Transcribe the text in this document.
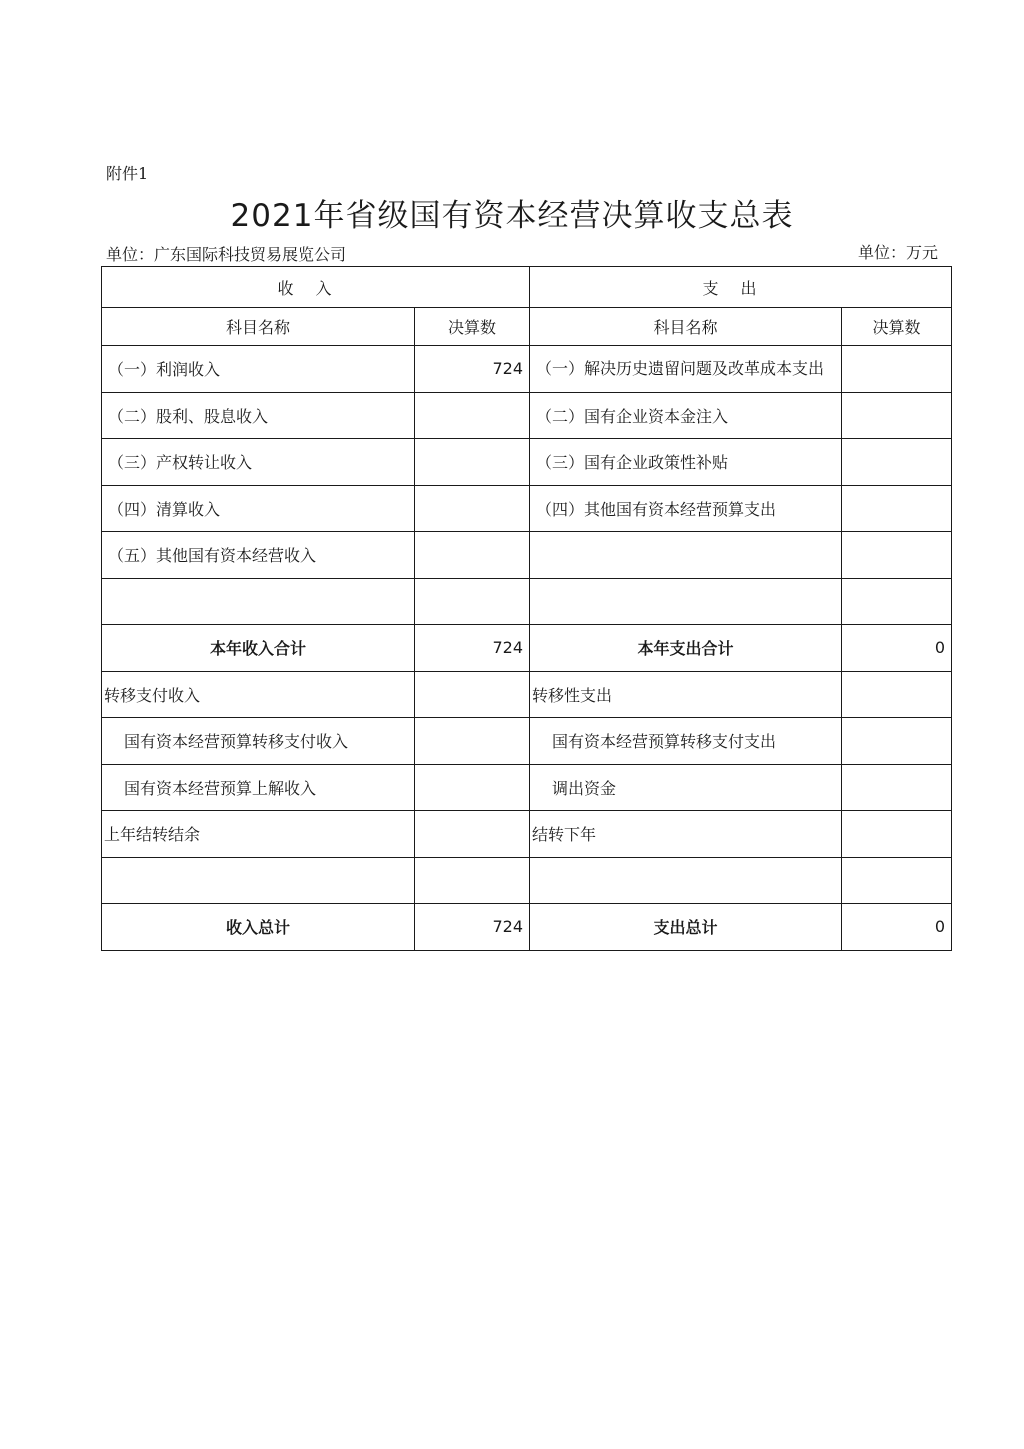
附件1
2021年省级国有资本经营决算收支总表
单位：广东国际科技贸易展览公司	单位：万元
收入		支出	
科目名称	决算数	科目名称	决算数
（一）利润收入	724	（一）解决历史遗留问题及改革成本支出	
（二）股利、股息收入		（二）国有企业资本金注入	
（三）产权转让收入		（三）国有企业政策性补贴	
（四）清算收入		（四）其他国有资本经营预算支出	
（五）其他国有资本经营收入			

本年收入合计	724	本年支出合计	0
转移支付收入		转移性支出	
国有资本经营预算转移支付收入		国有资本经营预算转移支付支出	
国有资本经营预算上解收入		调出资金	
上年结转结余		结转下年	

收入总计	724	支出总计	0
